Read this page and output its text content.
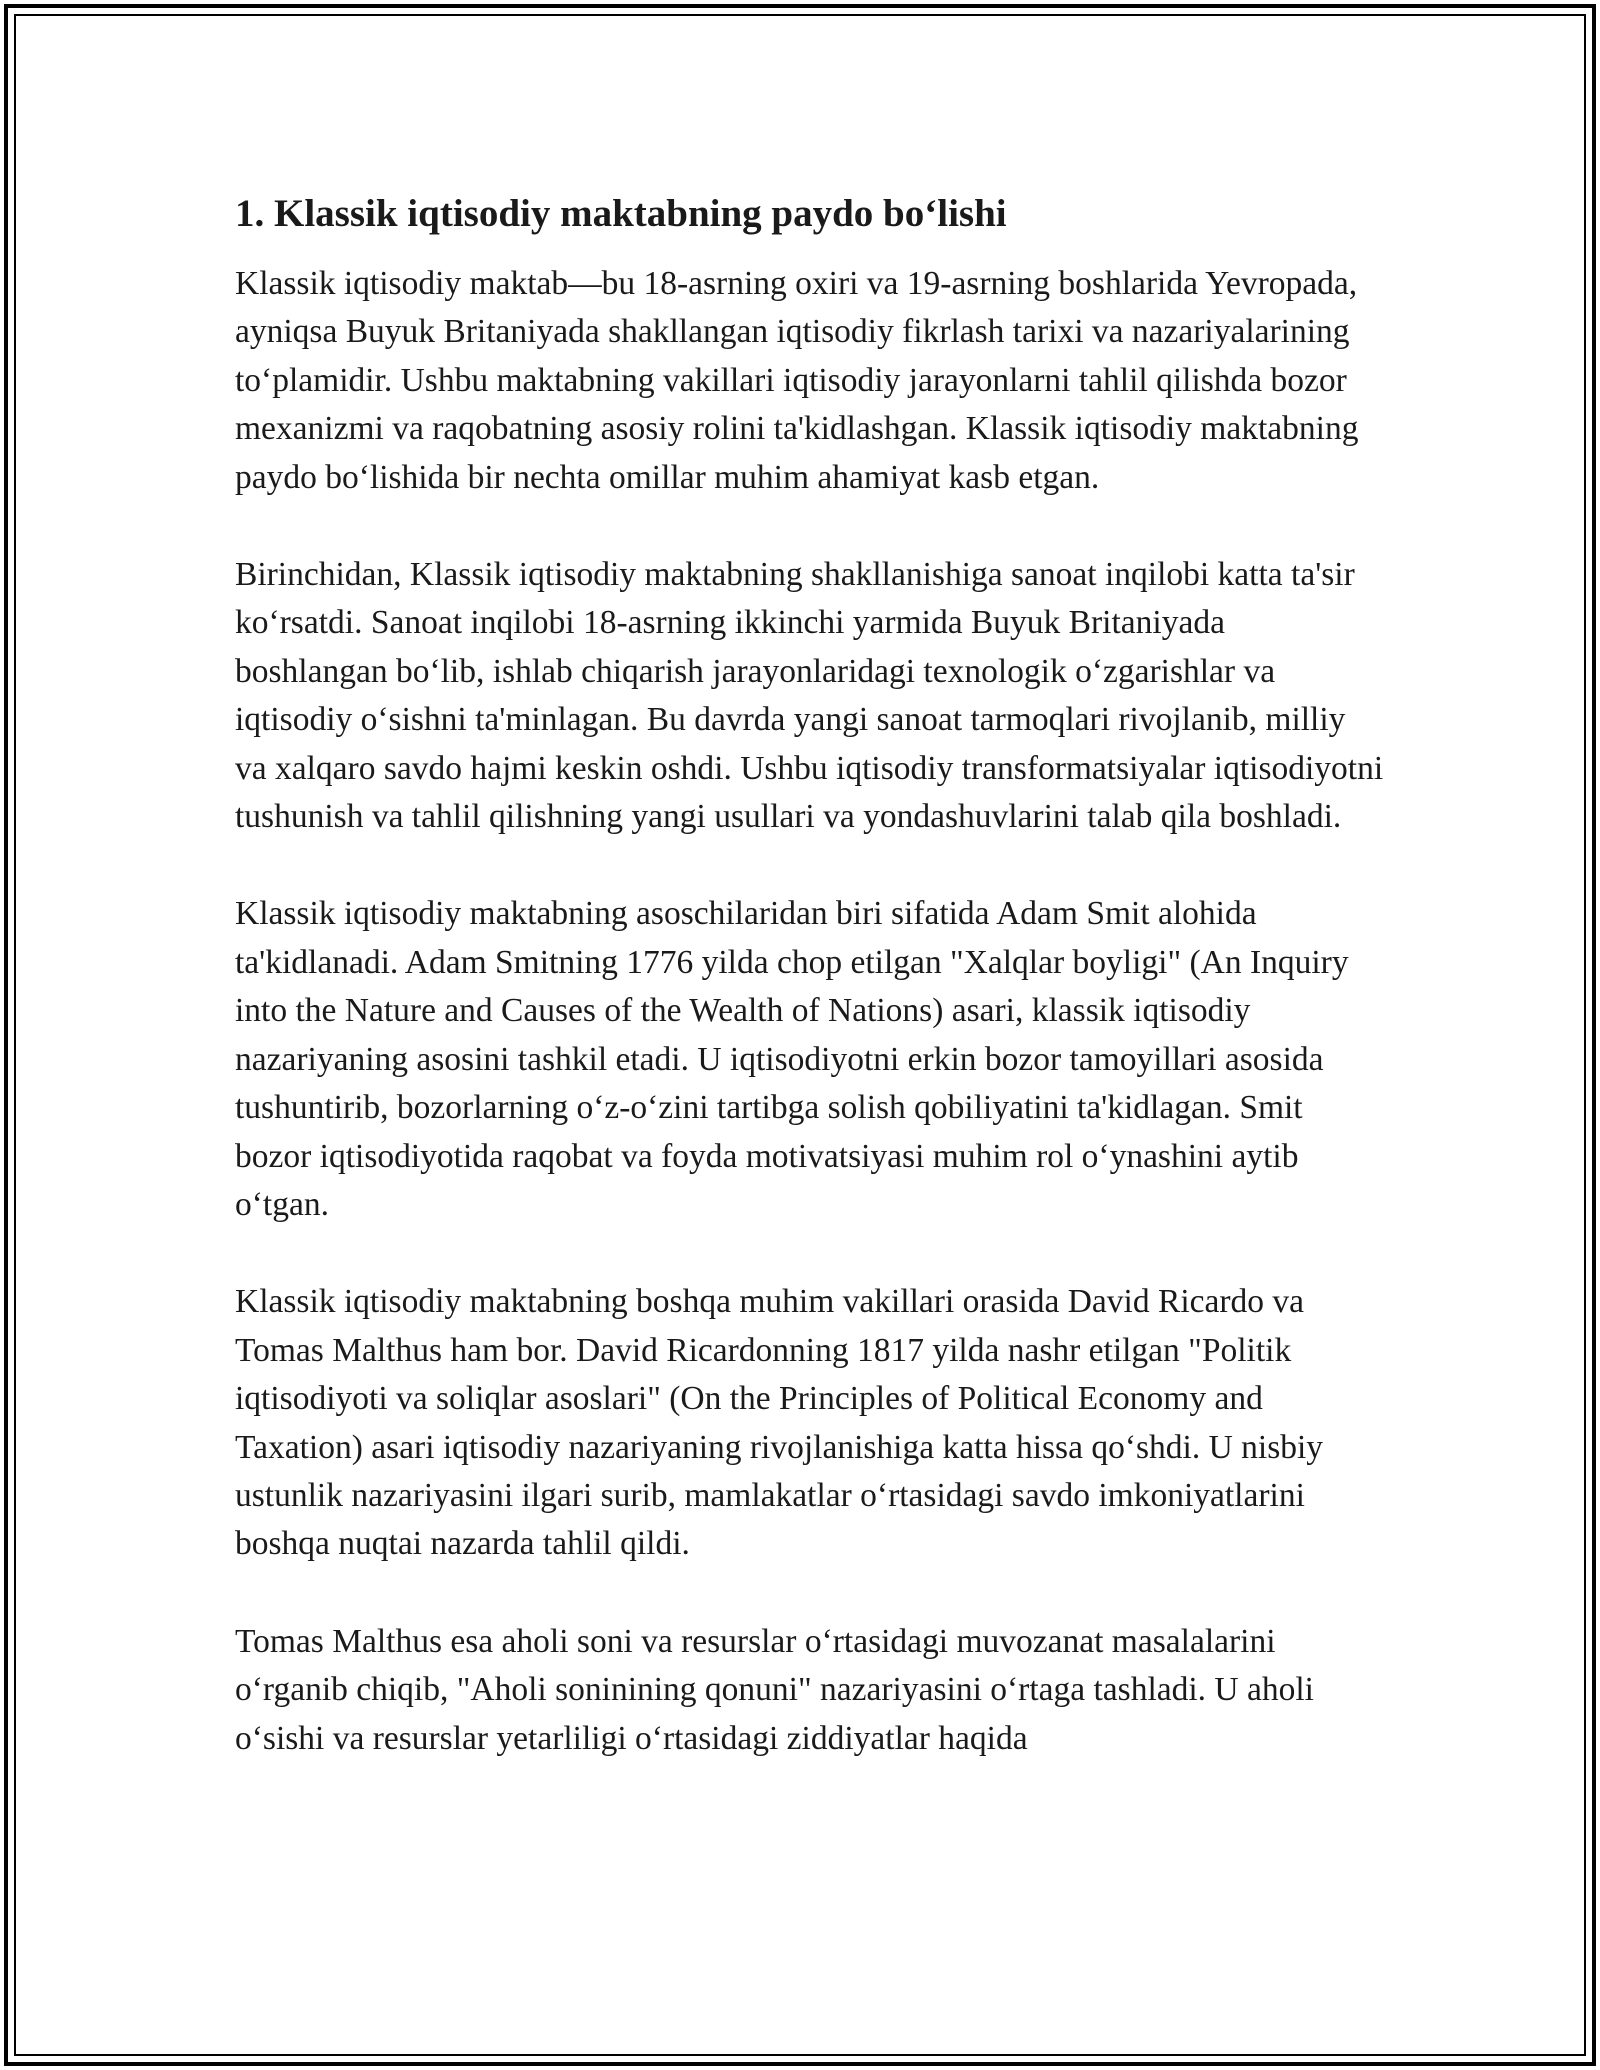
1. Klassik iqtisodiy maktabning paydo bo‘lishi

Klassik iqtisodiy maktab—bu 18-asrning oxiri va 19-asrning boshlarida Yevropada, ayniqsa Buyuk Britaniyada shakllangan iqtisodiy fikrlash tarixi va nazariyalarining to‘plamidir. Ushbu maktabning vakillari iqtisodiy jarayonlarni tahlil qilishda bozor mexanizmi va raqobatning asosiy rolini ta'kidlashgan. Klassik iqtisodiy maktabning paydo bo‘lishida bir nechta omillar muhim ahamiyat kasb etgan.

Birinchidan, Klassik iqtisodiy maktabning shakllanishiga sanoat inqilobi katta ta'sir ko‘rsatdi. Sanoat inqilobi 18-asrning ikkinchi yarmida Buyuk Britaniyada boshlangan bo‘lib, ishlab chiqarish jarayonlaridagi texnologik o‘zgarishlar va iqtisodiy o‘sishni ta'minlagan. Bu davrda yangi sanoat tarmoqlari rivojlanib, milliy va xalqaro savdo hajmi keskin oshdi. Ushbu iqtisodiy transformatsiyalar iqtisodiyotni tushunish va tahlil qilishning yangi usullari va yondashuvlarini talab qila boshladi.

Klassik iqtisodiy maktabning asoschilaridan biri sifatida Adam Smit alohida ta'kidlanadi. Adam Smitning 1776 yilda chop etilgan "Xalqlar boyligi" (An Inquiry into the Nature and Causes of the Wealth of Nations) asari, klassik iqtisodiy nazariyaning asosini tashkil etadi. U iqtisodiyotni erkin bozor tamoyillari asosida tushuntirib, bozorlarning o‘z-o‘zini tartibga solish qobiliyatini ta'kidlagan. Smit bozor iqtisodiyotida raqobat va foyda motivatsiyasi muhim rol o‘ynashini aytib o‘tgan.

Klassik iqtisodiy maktabning boshqa muhim vakillari orasida David Ricardo va Tomas Malthus ham bor. David Ricardonning 1817 yilda nashr etilgan "Politik iqtisodiyoti va soliqlar asoslari" (On the Principles of Political Economy and Taxation) asari iqtisodiy nazariyaning rivojlanishiga katta hissa qo‘shdi. U nisbiy ustunlik nazariyasini ilgari surib, mamlakatlar o‘rtasidagi savdo imkoniyatlarini boshqa nuqtai nazarda tahlil qildi.

Tomas Malthus esa aholi soni va resurslar o‘rtasidagi muvozanat masalalarini o‘rganib chiqib, "Aholi soninining qonuni" nazariyasini o‘rtaga tashladi. U aholi o‘sishi va resurslar yetarliligi o‘rtasidagi ziddiyatlar haqida
